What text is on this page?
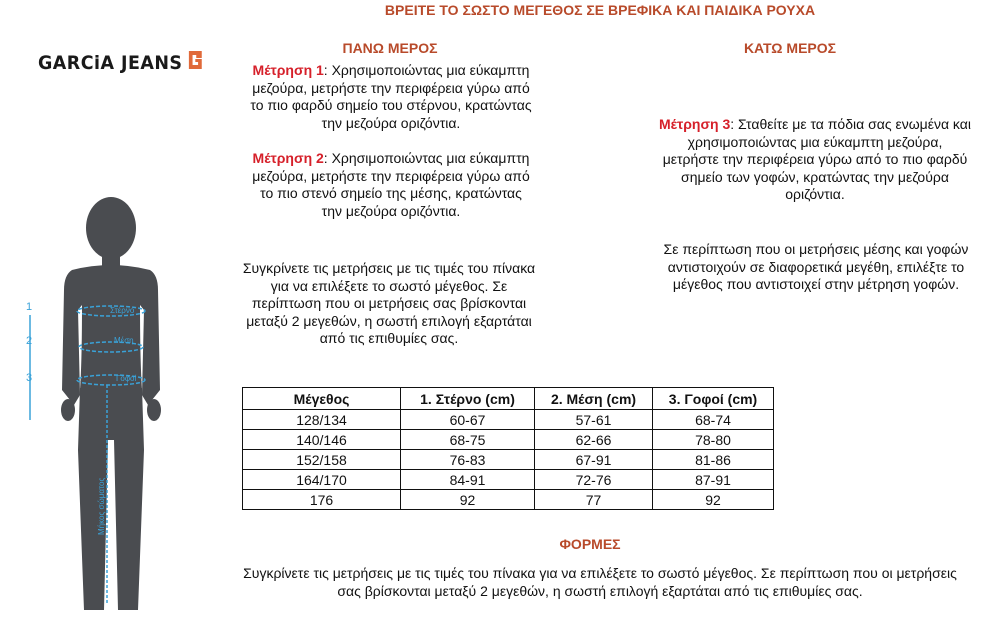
ΒΡΕΙΤΕ ΤΟ ΣΩΣΤΟ ΜΕΓΕΘΟΣ ΣΕ ΒΡΕΦΙΚΑ ΚΑΙ ΠΑΙΔΙΚΑ ΡΟΥΧΑ
GARCiA JEANS
1
2
3
Στέρνο
Μέση
Γοφοί
Μήκος σώματος
ΠΑΝΩ ΜΕΡΟΣ
Μέτρηση 1: Χρησιμοποιώντας μια εύκαμπτη μεζούρα, μετρήστε την περιφέρεια γύρω από το πιο φαρδύ σημείο του στέρνου, κρατώντας την μεζούρα οριζόντια.
Μέτρηση 2: Χρησιμοποιώντας μια εύκαμπτη μεζούρα, μετρήστε την περιφέρεια γύρω από το πιο στενό σημείο της μέσης, κρατώντας την μεζούρα οριζόντια.
Συγκρίνετε τις μετρήσεις με τις τιμές του πίνακα για να επιλέξετε το σωστό μέγεθος. Σε περίπτωση που οι μετρήσεις σας βρίσκονται μεταξύ 2 μεγεθών, η σωστή επιλογή εξαρτάται από τις επιθυμίες σας.
ΚΑΤΩ ΜΕΡΟΣ
Μέτρηση 3: Σταθείτε με τα πόδια σας ενωμένα και χρησιμοποιώντας μια εύκαμπτη μεζούρα, μετρήστε την περιφέρεια γύρω από το πιο φαρδύ σημείο των γοφών, κρατώντας την μεζούρα οριζόντια.
Σε περίπτωση που οι μετρήσεις μέσης και γοφών αντιστοιχούν σε διαφορετικά μεγέθη, επιλέξτε το μέγεθος που αντιστοιχεί στην μέτρηση γοφών.
Μέγεθος	1. Στέρνο (cm)	2. Μέση (cm)	3. Γοφοί (cm)
128/134	60-67	57-61	68-74
140/146	68-75	62-66	78-80
152/158	76-83	67-91	81-86
164/170	84-91	72-76	87-91
176	92	77	92
ΦΟΡΜΕΣ
Συγκρίνετε τις μετρήσεις με τις τιμές του πίνακα για να επιλέξετε το σωστό μέγεθος. Σε περίπτωση που οι μετρήσεις σας βρίσκονται μεταξύ 2 μεγεθών, η σωστή επιλογή εξαρτάται από τις επιθυμίες σας.
